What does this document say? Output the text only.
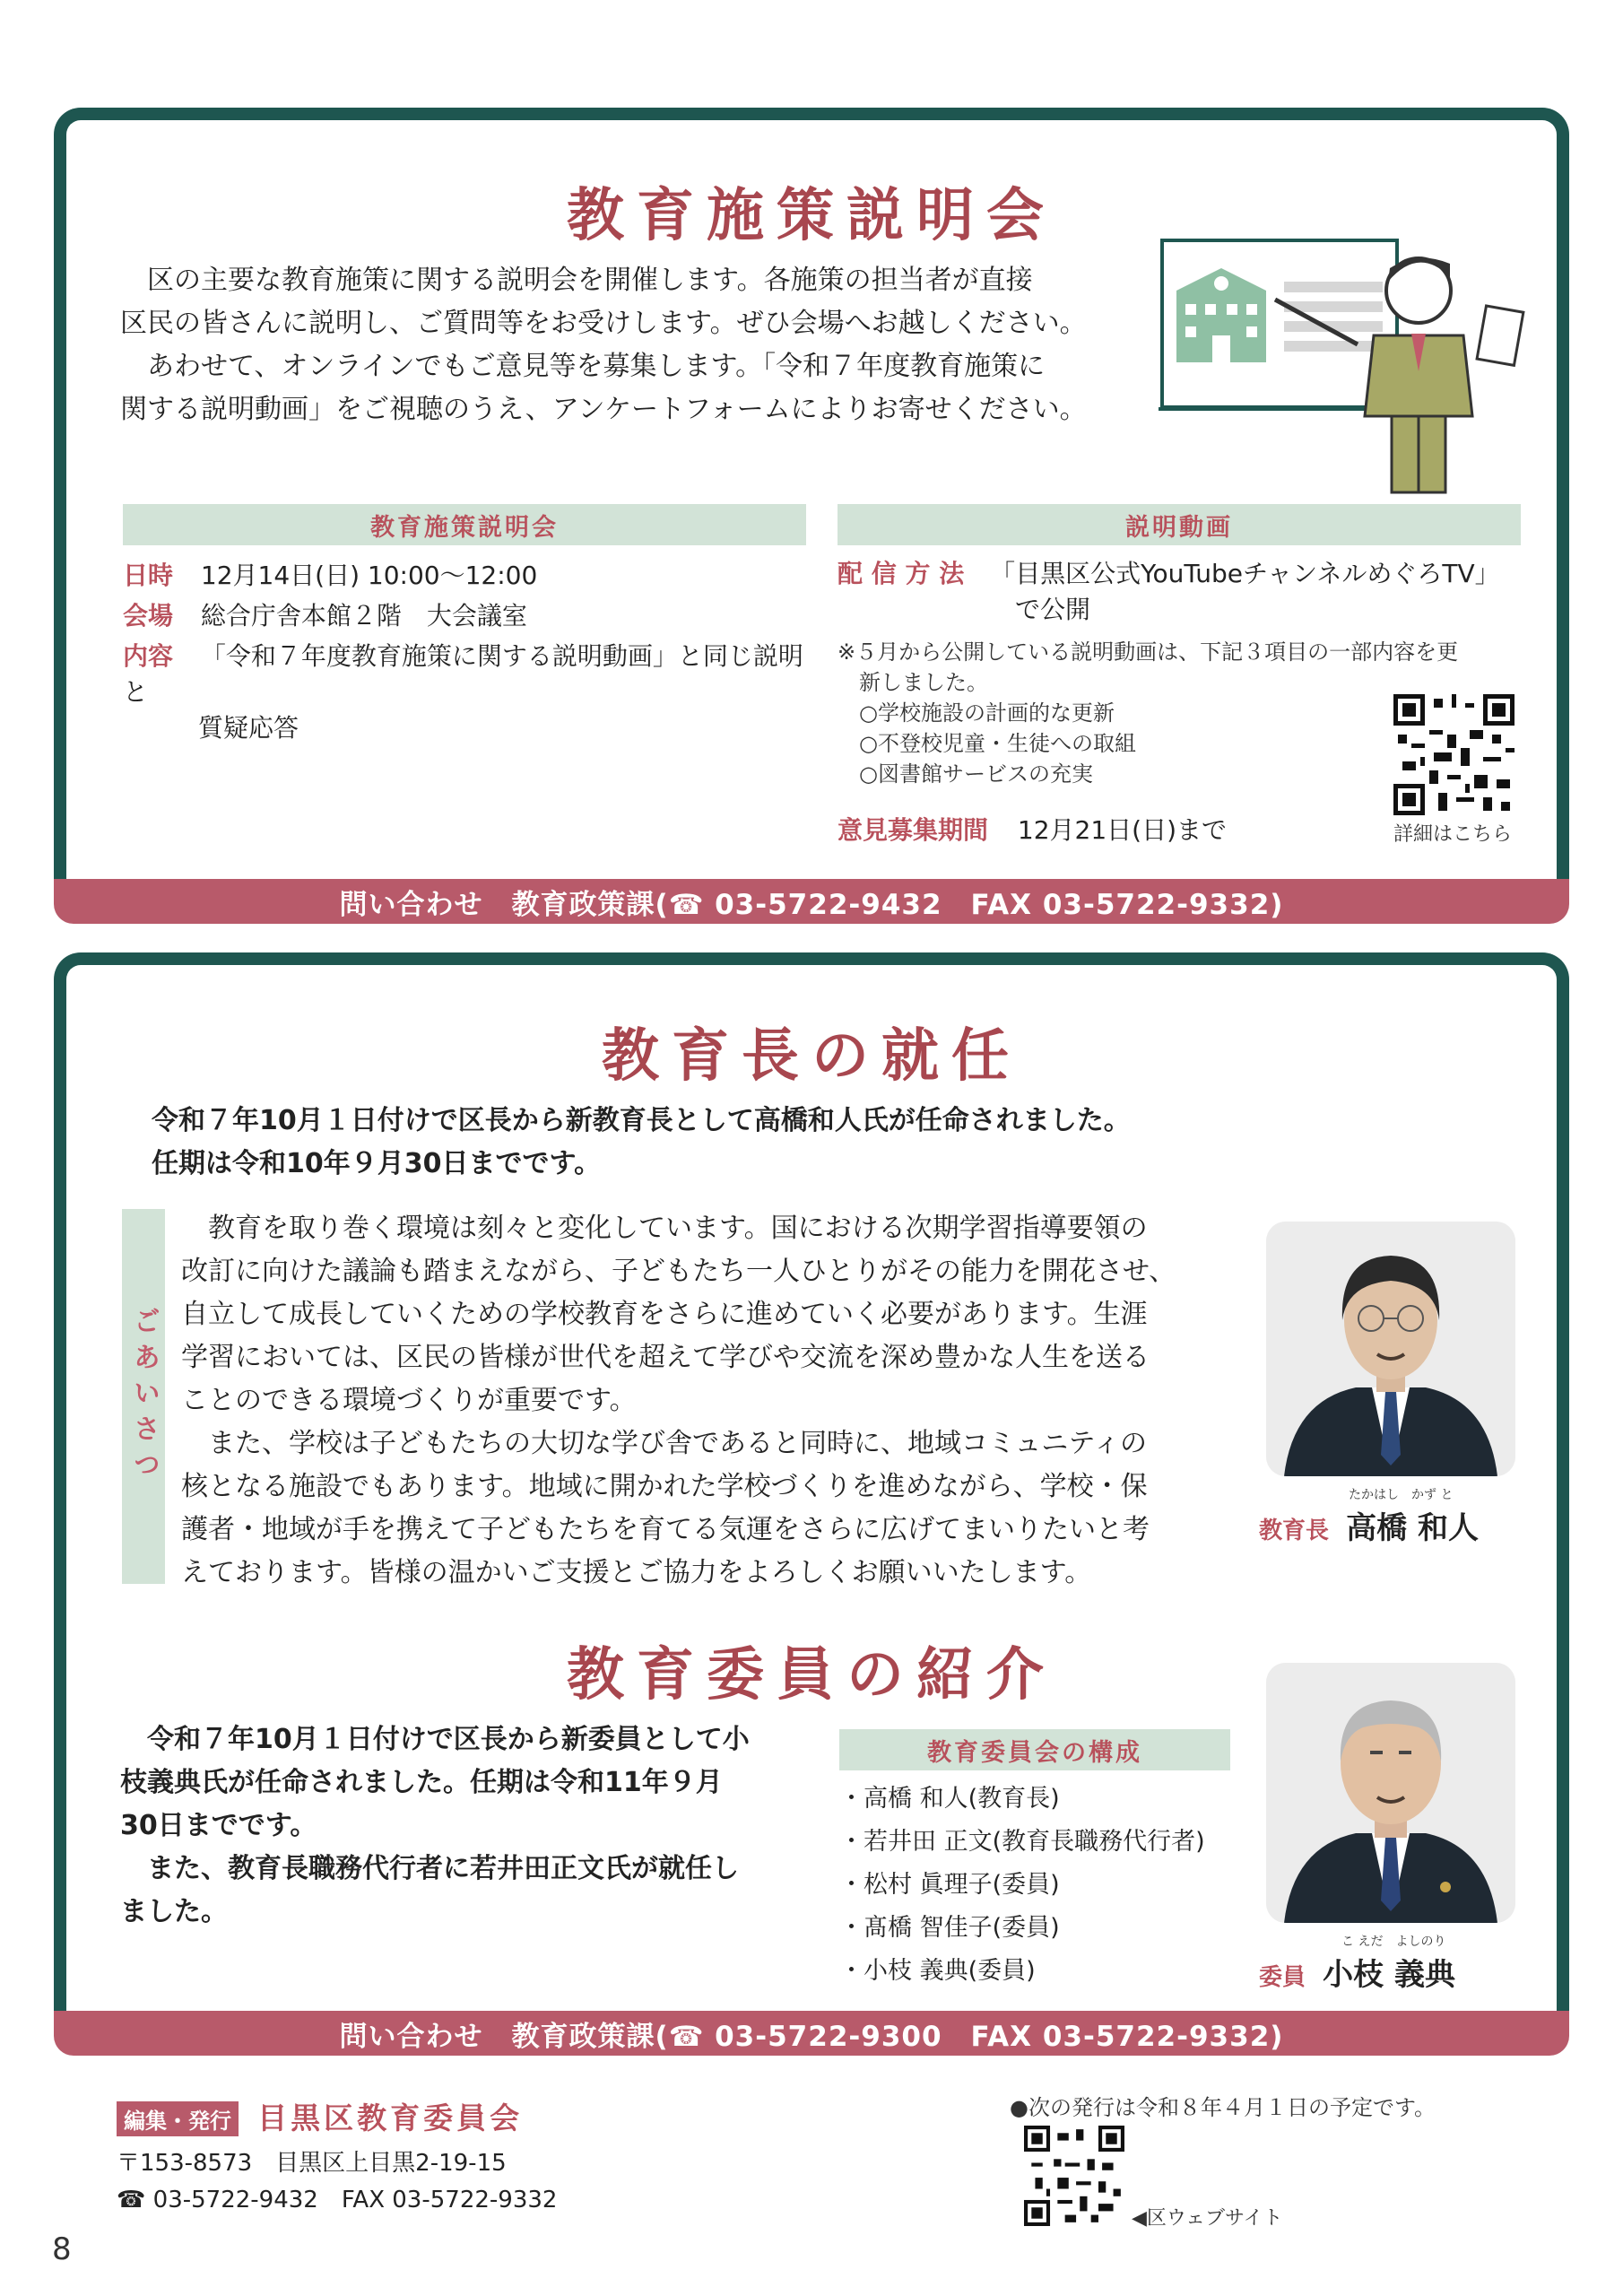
教育施策説明会
　区の主要な教育施策に関する説明会を開催します。各施策の担当者が直接
区民の皆さんに説明し、ご質問等をお受けします。ぜひ会場へお越しください。
　あわせて、オンラインでもご意見等を募集します。「令和７年度教育施策に
関する説明動画」をご視聴のうえ、アンケートフォームによりお寄せください。
教育施策説明会
日時 12月14日(日) 10:00～12:00
会場 総合庁舎本館２階　大会議室
内容 「令和７年度教育施策に関する説明動画」と同じ説明と
質疑応答
説明動画
配 信 方 法 「目黒区公式YouTubeチャンネルめぐろTV」
で公開
※５月から公開している説明動画は、下記３項目の一部内容を更
新しました。
○学校施設の計画的な更新
○不登校児童・生徒への取組
○図書館サービスの充実
意見募集期間 12月21日(日)まで	詳細はこちら
問い合わせ　教育政策課(☎ 03-5722-9432　FAX 03-5722-9332)
教育長の就任
令和７年10月１日付けで区長から新教育長として高橋和人氏が任命されました。
任期は令和10年９月30日までです。
ごあいさつ
　教育を取り巻く環境は刻々と変化しています。国における次期学習指導要領の
改訂に向けた議論も踏まえながら、子どもたち一人ひとりがその能力を開花させ、
自立して成長していくための学校教育をさらに進めていく必要があります。生涯
学習においては、区民の皆様が世代を超えて学びや交流を深め豊かな人生を送る
ことのできる環境づくりが重要です。
　また、学校は子どもたちの大切な学び舎であると同時に、地域コミュニティの
核となる施設でもあります。地域に開かれた学校づくりを進めながら、学校・保
護者・地域が手を携えて子どもたちを育てる気運をさらに広げてまいりたいと考
えております。皆様の温かいご支援とご協力をよろしくお願いいたします。
たかはし　かず と
教育長 高橋 和人
教育委員の紹介
　令和７年10月１日付けで区長から新委員として小
枝義典氏が任命されました。任期は令和11年９月
30日までです。
　また、教育長職務代行者に若井田正文氏が就任し
ました。
教育委員会の構成
・高橋 和人(教育長)
・若井田 正文(教育長職務代行者)
・松村 眞理子(委員)
・髙橋 智佳子(委員)
・小枝 義典(委員)
こ えだ　よしのり
委員 小枝 義典
問い合わせ　教育政策課(☎ 03-5722-9300　FAX 03-5722-9332)
編集・発行 目黒区教育委員会
〒153-8573　目黒区上目黒2-19-15
☎ 03-5722-9432　FAX 03-5722-9332
●次の発行は令和８年４月１日の予定です。
◀区ウェブサイト
8
